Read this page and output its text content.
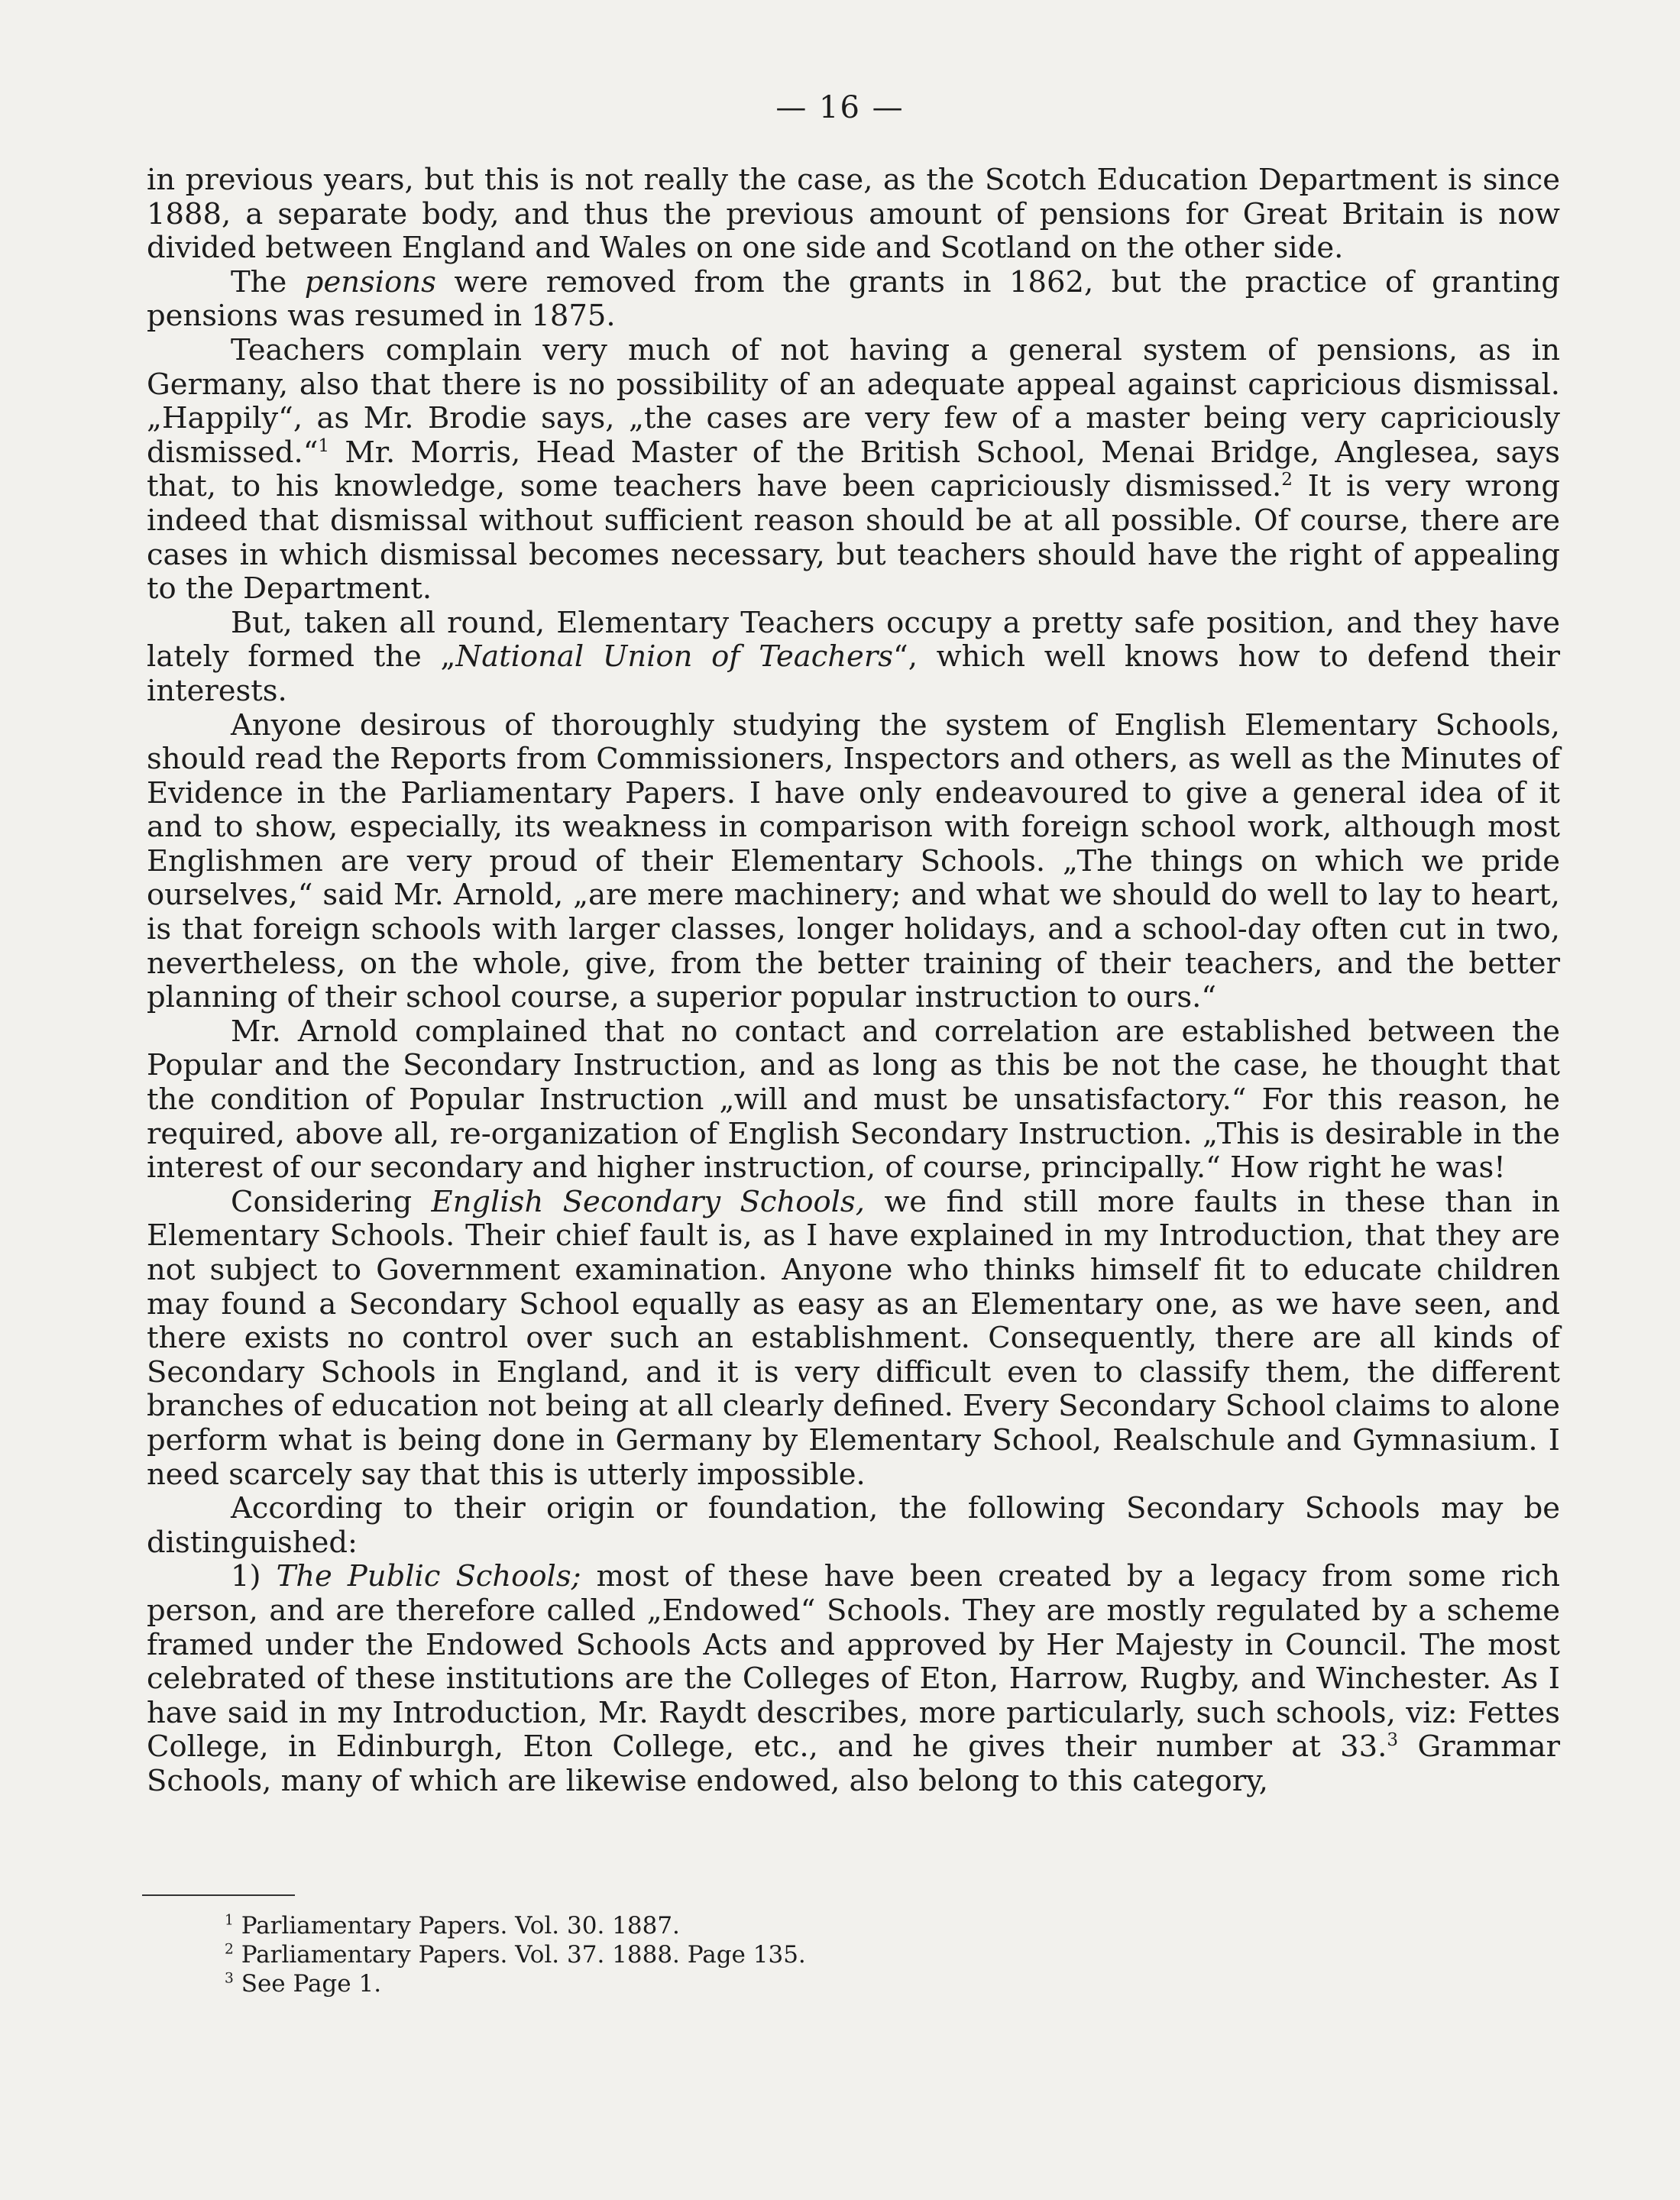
— 16 —

in previous years, but this is not really the case, as the Scotch Education Department is since 1888, a separate body, and thus the previous amount of pensions for Great Britain is now divided between England and Wales on one side and Scotland on the other side.

The pensions were removed from the grants in 1862, but the practice of granting pensions was resumed in 1875.

Teachers complain very much of not having a general system of pensions, as in Germany, also that there is no possibility of an adequate appeal against capricious dismissal. „Happily“, as Mr. Brodie says, „the cases are very few of a master being very capriciously dismissed.“$^1$ Mr. Morris, Head Master of the British School, Menai Bridge, Anglesea, says that, to his knowledge, some teachers have been capriciously dismissed.$^2$ It is very wrong indeed that dismissal without sufficient reason should be at all possible. Of course, there are cases in which dismissal becomes necessary, but teachers should have the right of appealing to the Department.

But, taken all round, Elementary Teachers occupy a pretty safe position, and they have lately formed the „National Union of Teachers“, which well knows how to defend their interests.

Anyone desirous of thoroughly studying the system of English Elementary Schools, should read the Reports from Commissioners, Inspectors and others, as well as the Minutes of Evidence in the Parliamentary Papers. I have only endeavoured to give a general idea of it and to show, especially, its weakness in comparison with foreign school work, although most Englishmen are very proud of their Elementary Schools. „The things on which we pride ourselves,“ said Mr. Arnold, „are mere machinery; and what we should do well to lay to heart, is that foreign schools with larger classes, longer holidays, and a school-day often cut in two, nevertheless, on the whole, give, from the better training of their teachers, and the better planning of their school course, a superior popular instruction to ours.“

Mr. Arnold complained that no contact and correlation are established between the Popular and the Secondary Instruction, and as long as this be not the case, he thought that the condition of Popular Instruction „will and must be unsatisfactory.“ For this reason, he required, above all, re-organization of English Secondary Instruction. „This is desirable in the interest of our secondary and higher instruction, of course, principally.“ How right he was!

Considering English Secondary Schools, we find still more faults in these than in Elementary Schools. Their chief fault is, as I have explained in my Introduction, that they are not subject to Government examination. Anyone who thinks himself fit to educate children may found a Secondary School equally as easy as an Elementary one, as we have seen, and there exists no control over such an establishment. Consequently, there are all kinds of Secondary Schools in England, and it is very difficult even to classify them, the different branches of education not being at all clearly defined. Every Secondary School claims to alone perform what is being done in Germany by Elementary School, Realschule and Gymnasium. I need scarcely say that this is utterly impossible.

According to their origin or foundation, the following Secondary Schools may be distinguished:

1) The Public Schools; most of these have been created by a legacy from some rich person, and are therefore called „Endowed“ Schools. They are mostly regulated by a scheme framed under the Endowed Schools Acts and approved by Her Majesty in Council. The most celebrated of these institutions are the Colleges of Eton, Harrow, Rugby, and Winchester. As I have said in my Introduction, Mr. Raydt describes, more particularly, such schools, viz: Fettes College, in Edinburgh, Eton College, etc., and he gives their number at 33.$^3$ Grammar Schools, many of which are likewise endowed, also belong to this category,

$^1$ Parliamentary Papers. Vol. 30. 1887.
$^2$ Parliamentary Papers. Vol. 37. 1888. Page 135.
$^3$ See Page 1.
